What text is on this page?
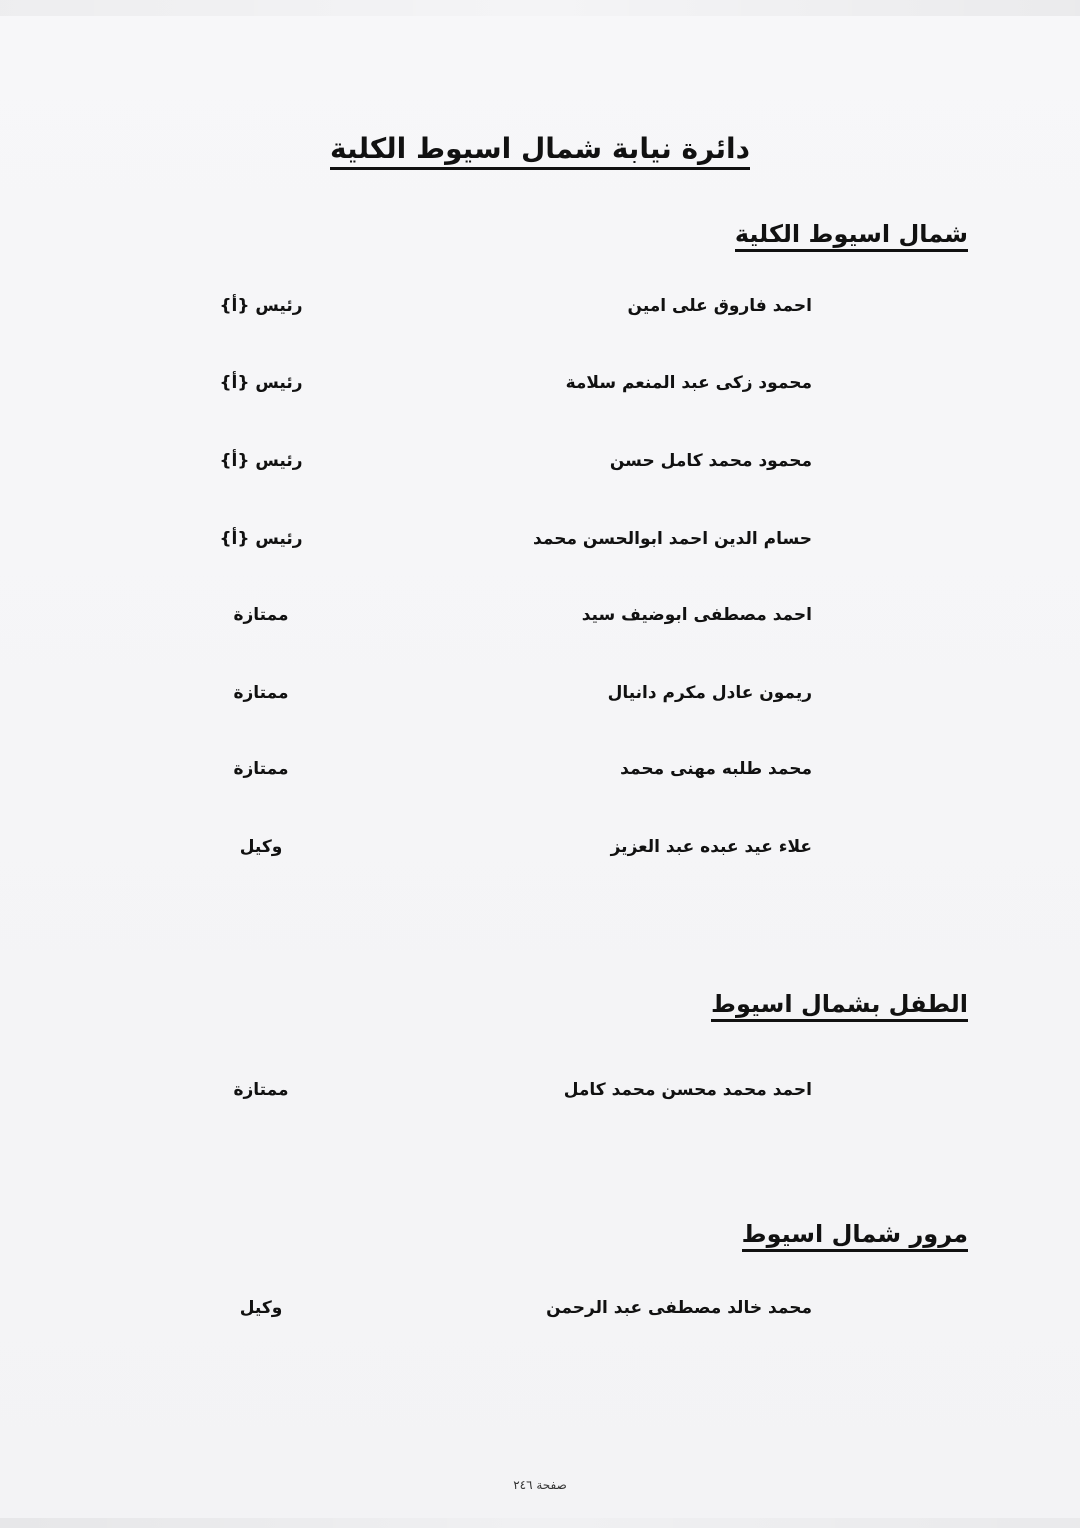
دائرة نيابة شمال اسيوط الكلية
شمال اسيوط الكلية
احمد فاروق على امين
رئيس {أ}
محمود زكى عبد المنعم سلامة
رئيس {أ}
محمود محمد كامل حسن
رئيس {أ}
حسام الدين احمد ابوالحسن محمد
رئيس {أ}
احمد مصطفى ابوضيف سيد
ممتازة
ريمون عادل مكرم دانيال
ممتازة
محمد طلبه مهنى محمد
ممتازة
علاء عيد عبده عبد العزيز
وكيل
الطفل بشمال اسيوط
احمد محمد محسن محمد كامل
ممتازة
مرور شمال اسيوط
محمد خالد مصطفى عبد الرحمن
وكيل
صفحة ٢٤٦
